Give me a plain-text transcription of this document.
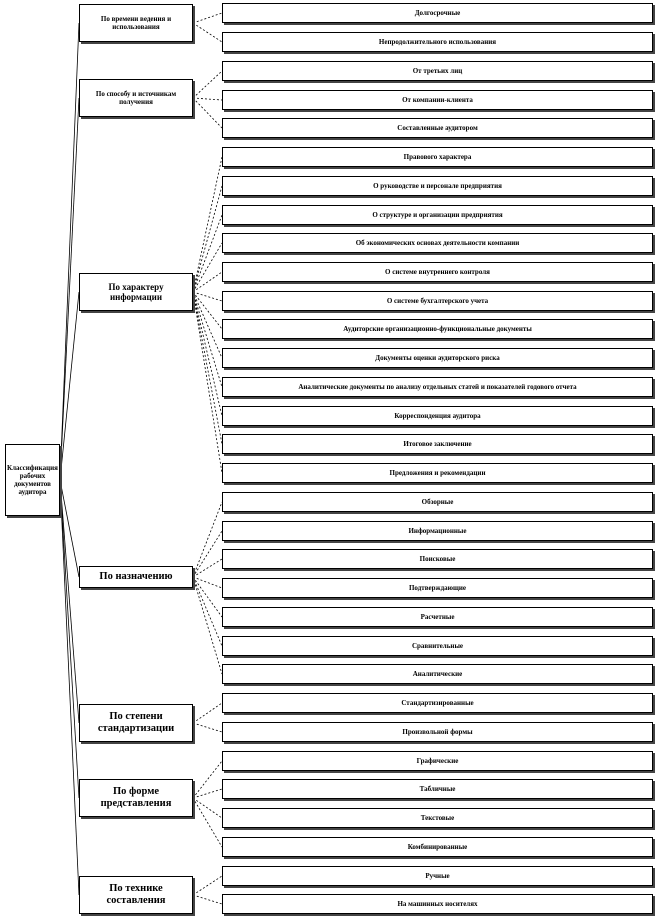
Классификация рабочих документов аудитора
По времени ведения и использования
По способу и источникам получения
По характеру информации
По назначению
По степени стандартизации
По форме представления
По технике составления
Долгосрочные
Непродолжительного использования
От третьих лиц
От компании-клиента
Составленные аудитором
Правового характера
О руководстве и персонале предприятия
О структуре и организации предприятия
Об экономических основах деятельности компании
О системе внутреннего контроля
О системе бухгалтерского учета
Аудиторские организационно-функциональные документы
Документы оценки аудиторского риска
Аналитические документы по анализу отдельных статей и показателей годового отчета
Корреспонденция аудитора
Итоговое заключение
Предложения и рекомендации
Обзорные
Информационные
Поисковые
Подтверждающие
Расчетные
Сравнительные
Аналитические
Стандартизированные
Произвольной формы
Графические
Табличные
Текстовые
Комбинированные
Ручные
На машинных носителях
